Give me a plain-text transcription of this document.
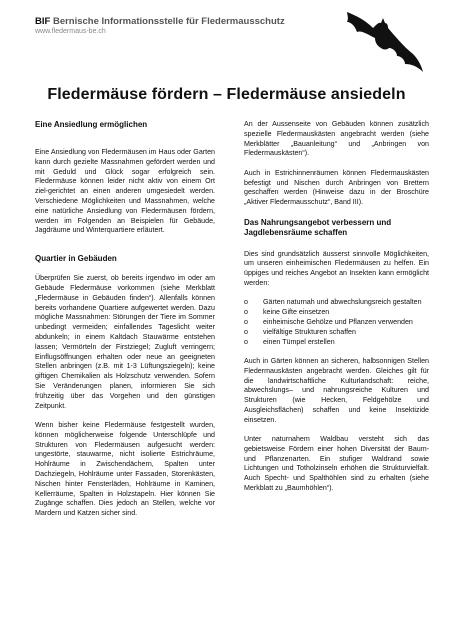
BIF Bernische Informationsstelle für Fledermausschutz
www.fledermaus-be.ch
Fledermäuse fördern – Fledermäuse ansiedeln
Eine Ansiedlung ermöglichen

Eine Ansiedlung von Fledermäusen im Haus oder Garten kann durch gezielte Massnahmen gefördert werden und mit Geduld und Glück sogar erfolgreich sein. Fledermäuse können leider nicht aktiv von einem Ort ziel-gerichtet an einen anderen umgesiedelt werden. Verschiedene Möglichkeiten und Massnahmen, welche eine natürliche Ansiedlung von Fledermäusen fördern, werden im Folgenden an Beispielen für Gebäude, Jagdräume und Winterquartiere erläutert.

Quartier in Gebäuden

Überprüfen Sie zuerst, ob bereits irgendwo im oder am Gebäude Fledermäuse vorkommen (siehe Merkblatt „Fledermäuse in Gebäuden finden“). Allenfalls können bereits vorhandene Quartiere aufgewertet werden. Dazu mögliche Massnahmen: Störungen der Tiere im Sommer unbedingt vermeiden; einfallendes Tageslicht weiter abdunkeln; in einem Kaltdach Stauwärme entstehen lassen; Vermörteln der Firstziegel; Zugluft verringern; Einflugsöffnungen erhalten oder neue an geeigneten Stellen anbringen (z.B. mit 1-3 Lüftungsziegeln); keine giftigen Chemikalien als Holzschutz verwenden. Sofern Sie Veränderungen planen, informieren Sie sich frühzeitig über das Vorgehen und den günstigen Zeitpunkt.

Wenn bisher keine Fledermäuse festgestellt wurden, können möglicherweise folgende Unterschlüpfe und Strukturen von Fledermäusen aufgesucht werden: ungestörte, stauwarme, nicht isolierte Estrichräume, Hohlräume in Zwischendächern, Spalten unter Dachziegeln, Hohlräume unter Fassaden, Storenkästen, Nischen hinter Fensterläden, Hohlräume in Kaminen, Kellerräume, Spalten in Holzstapeln. Hier können Sie Zugänge schaffen. Dies jedoch an Stellen, welche vor Mardern und Katzen sicher sind.

An der Aussenseite von Gebäuden können zusätzlich spezielle Fledermauskästen angebracht werden (siehe Merkblätter „Bauanleitung“ und „Anbringen von Fledermauskästen“).

Auch in Estrichinnenräumen können Fledermauskästen befestigt und Nischen durch Anbringen von Brettern geschaffen werden (Hinweise dazu in der Broschüre „Aktiver Fledermausschutz“, Band III).

Das Nahrungsangebot verbessern und Jagdlebensräume schaffen

Dies sind grundsätzlich äusserst sinnvolle Möglichkeiten, um unseren einheimischen Fledermäusen zu helfen. Ein üppiges und reiches Angebot an Insekten kann ermöglicht werden:

o Gärten naturnah und abwechslungsreich gestalten
o keine Gifte einsetzen
o einheimische Gehölze und Pflanzen verwenden
o vielfältige Strukturen schaffen
o einen Tümpel erstellen

Auch in Gärten können an sicheren, halbsonnigen Stellen Fledermauskästen angebracht werden. Gleiches gilt für die landwirtschaftliche Kulturlandschaft: reiche, abwechslungs– und nahrungsreiche Kulturen und Strukturen (wie Hecken, Feldgehölze und Ausgleichsflächen) schaffen und keine Insektizide einsetzen.

Unter naturnahem Waldbau versteht sich das gebietsweise Fördern einer hohen Diversität der Baum- und Pflanzenarten. Ein stufiger Waldrand sowie Lichtungen und Totholzinseln erhöhen die Strukturvielfalt. Auch Specht- und Spalthöhlen sind zu erhalten (siehe Merkblatt zu „Baumhöhlen“).
